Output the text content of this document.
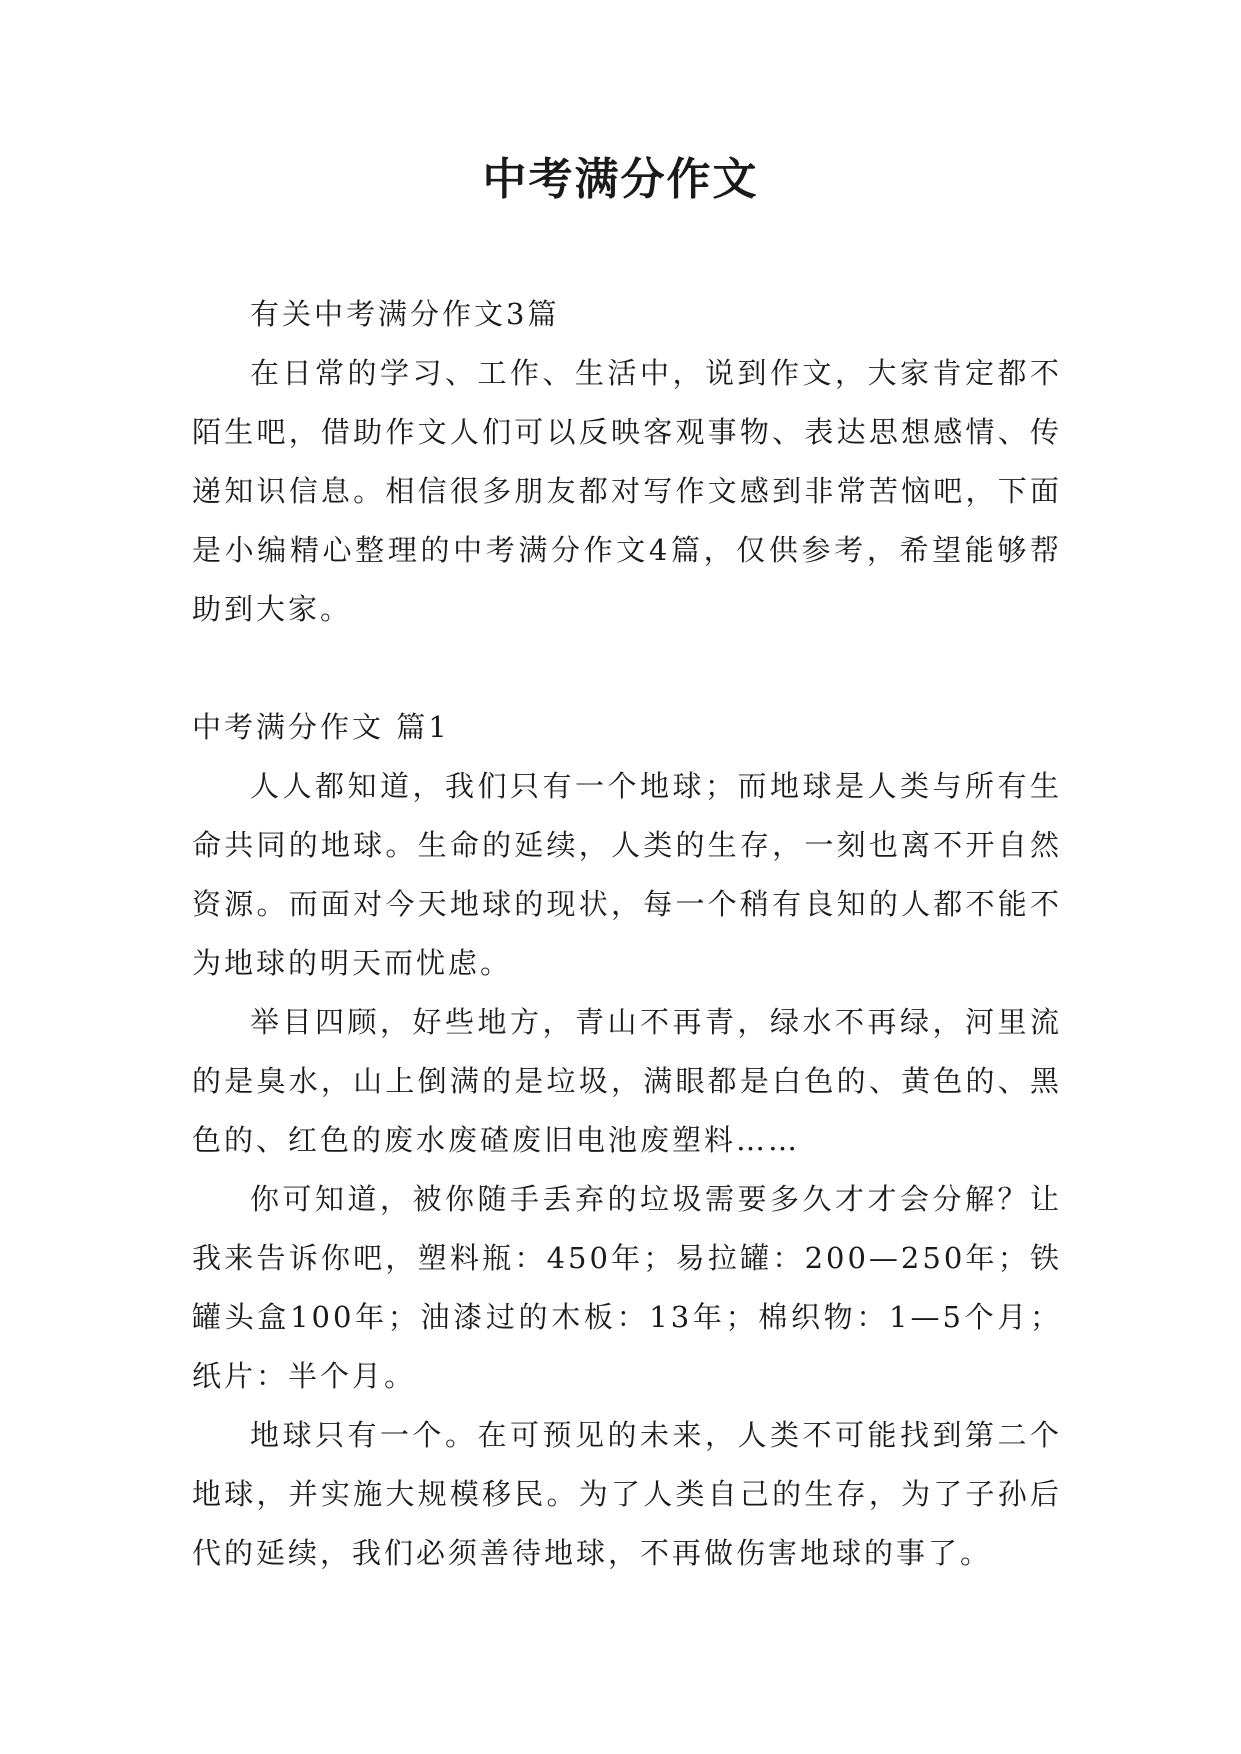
中考满分作文

有关中考满分作文3篇

在日常的学习、工作、生活中，说到作文，大家肯定都不陌生吧，借助作文人们可以反映客观事物、表达思想感情、传递知识信息。相信很多朋友都对写作文感到非常苦恼吧，下面是小编精心整理的中考满分作文4篇，仅供参考，希望能够帮助到大家。

中考满分作文 篇1

人人都知道，我们只有一个地球；而地球是人类与所有生命共同的地球。生命的延续，人类的生存，一刻也离不开自然资源。而面对今天地球的现状，每一个稍有良知的人都不能不为地球的明天而忧虑。

举目四顾，好些地方，青山不再青，绿水不再绿，河里流的是臭水，山上倒满的是垃圾，满眼都是白色的、黄色的、黑色的、红色的废水废碴废旧电池废塑料……

你可知道，被你随手丢弃的垃圾需要多久才才会分解？让我来告诉你吧，塑料瓶：450年；易拉罐：200—250年；铁罐头盒100年；油漆过的木板：13年；棉织物：1—5个月；纸片：半个月。

地球只有一个。在可预见的未来，人类不可能找到第二个地球，并实施大规模移民。为了人类自己的生存，为了子孙后代的延续，我们必须善待地球，不再做伤害地球的事了。
